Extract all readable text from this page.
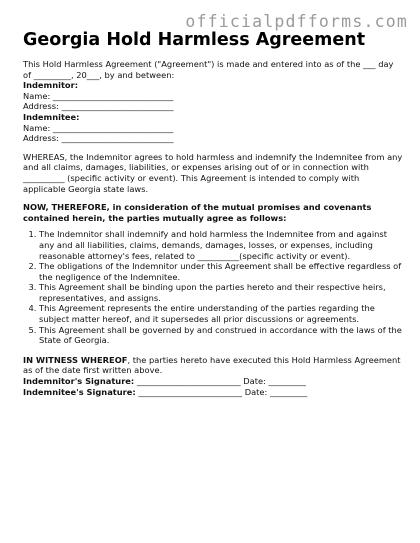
officialpdfforms.com
Georgia Hold Harmless Agreement

This Hold Harmless Agreement ("Agreement") is made and entered into as of the ___ day of _________, 20___, by and between:

Indemnitor:
Name: _____________________________
Address: ___________________________
Indemnitee:
Name: _____________________________
Address: ___________________________

WHEREAS, the Indemnitor agrees to hold harmless and indemnify the Indemnitee from any and all claims, damages, liabilities, or expenses arising out of or in connection with __________ (specific activity or event). This Agreement is intended to comply with applicable Georgia state laws.

NOW, THEREFORE, in consideration of the mutual promises and covenants contained herein, the parties mutually agree as follows:

1. The Indemnitor shall indemnify and hold harmless the Indemnitee from and against any and all liabilities, claims, demands, damages, losses, or expenses, including reasonable attorney's fees, related to __________(specific activity or event).
2. The obligations of the Indemnitor under this Agreement shall be effective regardless of the negligence of the Indemnitee.
3. This Agreement shall be binding upon the parties hereto and their respective heirs, representatives, and assigns.
4. This Agreement represents the entire understanding of the parties regarding the subject matter hereof, and it supersedes all prior discussions or agreements.
5. This Agreement shall be governed by and construed in accordance with the laws of the State of Georgia.

IN WITNESS WHEREOF, the parties hereto have executed this Hold Harmless Agreement as of the date first written above.

Indemnitor's Signature: _________________________ Date: _________
Indemnitee's Signature: _________________________ Date: _________
